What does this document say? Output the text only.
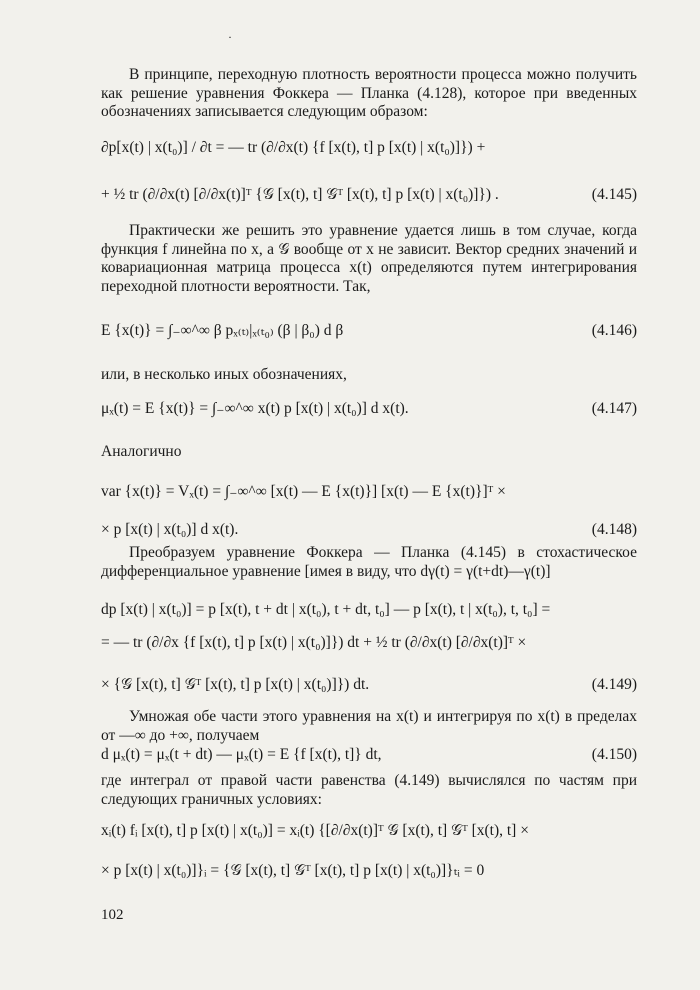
·
В принципе, переходную плотность вероятности процесса можно получить как решение уравнения Фоккера — Планка (4.128), которое при введенных обозначениях записывается следующим образом:
∂p[x(t) | x(t₀)] / ∂t = — tr (∂/∂x(t) {f [x(t), t] p [x(t) | x(t₀)]}) +
+ ½ tr (∂/∂x(t) [∂/∂x(t)]ᵀ {𝒢 [x(t), t] 𝒢ᵀ [x(t), t] p [x(t) | x(t₀)]}) .	(4.145)
Практически же решить это уравнение удается лишь в том случае, когда функция f линейна по x, а 𝒢 вообще от x не зависит. Вектор средних значений и ковариационная матрица процесса x(t) определяются путем интегрирования переходной плотности вероятности. Так,
E {x(t)} = ∫₋∞^∞ β pₓ₍ₜ₎|ₓ₍ₜ₀₎ (β | β₀) d β	(4.146)
или, в несколько иных обозначениях,
μₓ(t) = E {x(t)} = ∫₋∞^∞ x(t) p [x(t) | x(t₀)] d x(t).	(4.147)
Аналогично
var {x(t)} = Vₓ(t) = ∫₋∞^∞ [x(t) — E {x(t)}] [x(t) — E {x(t)}]ᵀ ×
× p [x(t) | x(t₀)] d x(t).	(4.148)
Преобразуем уравнение Фоккера — Планка (4.145) в стохастическое дифференциальное уравнение [имея в виду, что dγ(t) = γ(t+dt)—γ(t)]
dp [x(t) | x(t₀)] = p [x(t), t + dt | x(t₀), t + dt, t₀] — p [x(t), t | x(t₀), t, t₀] =
= — tr (∂/∂x {f [x(t), t] p [x(t) | x(t₀)]}) dt + ½ tr (∂/∂x(t) [∂/∂x(t)]ᵀ ×
× {𝒢 [x(t), t] 𝒢ᵀ [x(t), t] p [x(t) | x(t₀)]}) dt.	(4.149)
Умножая обе части этого уравнения на x(t) и интегрируя по x(t) в пределах от —∞ до +∞, получаем
d μₓ(t) = μₓ(t + dt) — μₓ(t) = E {f [x(t), t]} dt,	(4.150)
где интеграл от правой части равенства (4.149) вычислялся по частям при следующих граничных условиях:
xᵢ(t) fᵢ [x(t), t] p [x(t) | x(t₀)] = xᵢ(t) {[∂/∂x(t)]ᵀ 𝒢 [x(t), t] 𝒢ᵀ [x(t), t] ×
× p [x(t) | x(t₀)]}ᵢ = {𝒢 [x(t), t] 𝒢ᵀ [x(t), t] p [x(t) | x(t₀)]}ₜᵢ = 0
102
